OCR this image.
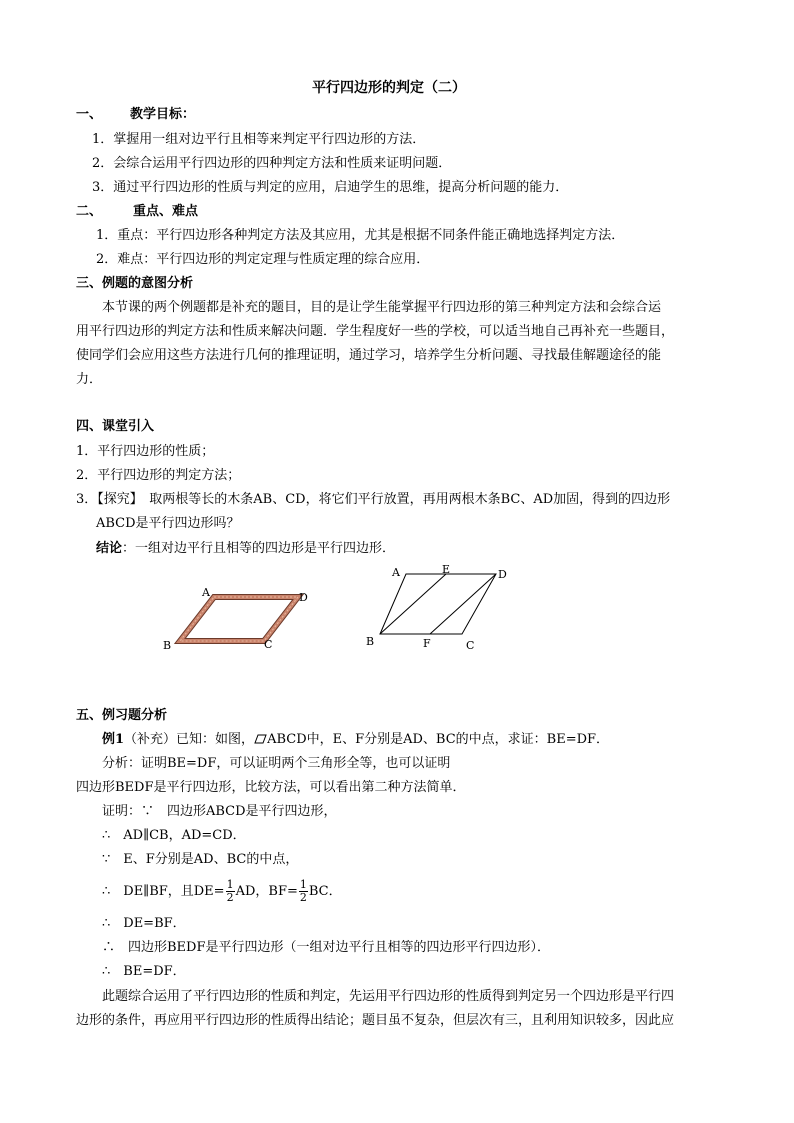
平行四边形的判定（二）
一、 教学目标：
1．掌握用一组对边平行且相等来判定平行四边形的方法．
2．会综合运用平行四边形的四种判定方法和性质来证明问题．
3．通过平行四边形的性质与判定的应用，启迪学生的思维，提高分析问题的能力．
二、 重点、难点
1．重点：平行四边形各种判定方法及其应用，尤其是根据不同条件能正确地选择判定方法．
2．难点：平行四边形的判定定理与性质定理的综合应用．
三、例题的意图分析
本节课的两个例题都是补充的题目，目的是让学生能掌握平行四边形的第三种判定方法和会综合运
用平行四边形的判定方法和性质来解决问题．学生程度好一些的学校，可以适当地自己再补充一些题目，
使同学们会应用这些方法进行几何的推理证明，通过学习，培养学生分析问题、寻找最佳解题途径的能
力．
四、课堂引入
1．平行四边形的性质；
2．平行四边形的判定方法；
3．【探究】　取两根等长的木条AB、CD，将它们平行放置，再用两根木条BC、AD加固，得到的四边形
ABCD是平行四边形吗？
结论：一组对边平行且相等的四边形是平行四边形．
A	D
B	C
A	E	D
B	F	C
五、例习题分析
例1（补充）已知：如图， ABCD中，E、F分别是AD、BC的中点，求证：BE=DF．
分析：证明BE=DF，可以证明两个三角形全等，也可以证明
四边形BEDF是平行四边形，比较方法，可以看出第二种方法简单．
证明：∵　四边形ABCD是平行四边形，
∴　AD∥CB，AD=CD．
∵　E、F分别是AD、BC的中点，
∴　DE∥BF，且$DE= \frac{1}{2}$ AD，$BF= \frac{1}{2}$ BC．
∴　DE=BF．
∴　四边形BEDF是平行四边形（一组对边平行且相等的四边形平行四边形）．
∴　BE=DF．
此题综合运用了平行四边形的性质和判定，先运用平行四边形的性质得到判定另一个四边形是平行四
边形的条件，再应用平行四边形的性质得出结论；题目虽不复杂，但层次有三，且利用知识较多，因此应
